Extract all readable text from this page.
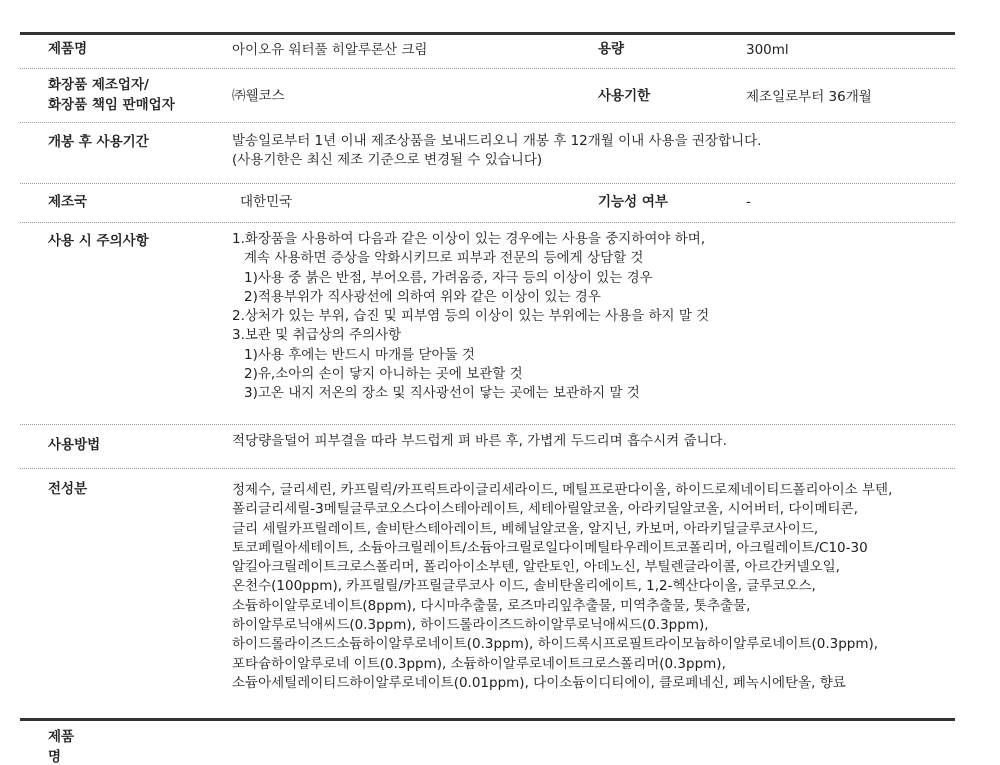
제품명	아이오유 워터풀 히알루론산 크림	용량	300ml
화장품 제조업자/
화장품 책임 판매업자
㈜웰코스	사용기한	제조일로부터 36개월
개봉 후 사용기간	발송일로부터 1년 이내 제조상품을 보내드리오니 개봉 후 12개월 이내 사용을 권장합니다.
(사용기한은 최신 제조 기준으로 변경될 수 있습니다)
제조국	대한민국	기능성 여부	-
사용 시 주의사항	1.화장품을 사용하여 다음과 같은 이상이 있는 경우에는 사용을 중지하여야 하며,
계속 사용하면 증상을 악화시키므로 피부과 전문의 등에게 상담할 것
1)사용 중 붉은 반점, 부어오름, 가려움증, 자극 등의 이상이 있는 경우
2)적용부위가 직사광선에 의하여 위와 같은 이상이 있는 경우
2.상처가 있는 부위, 습진 및 피부염 등의 이상이 있는 부위에는 사용을 하지 말 것
3.보관 및 취급상의 주의사항
1)사용 후에는 반드시 마개를 닫아둘 것
2)유,소아의 손이 닿지 아니하는 곳에 보관할 것
3)고온 내지 저온의 장소 및 직사광선이 닿는 곳에는 보관하지 말 것
사용방법	적당량을덜어 피부결을 따라 부드럽게 펴 바른 후, 가볍게 두드리며 흡수시켜 줍니다.
전성분	정제수, 글리세린, 카프릴릭/카프릭트라이글리세라이드, 메틸프로판다이올, 하이드로제네이티드폴리아이소 부텐,
폴리글리세릴-3메틸글루코오스다이스테아레이트, 세테아릴알코올, 아라키딜알코올, 시어버터, 다이메티콘,
글리 세릴카프릴레이트, 솔비탄스테아레이트, 베헤닐알코올, 알지닌, 카보머, 아라키딜글루코사이드,
토코페릴아세테이트, 소듐아크릴레이트/소듐아크릴로일다이메틸타우레이트코폴리머, 아크릴레이트/C10-30
알킬아크릴레이트크로스폴리머, 폴리아이소부텐, 알란토인, 아데노신, 부틸렌글라이콜, 아르간커넬오일,
온천수(100ppm), 카프릴릴/카프릴글루코사 이드, 솔비탄올리에이트, 1,2-헥산다이올, 글루코오스,
소듐하이알루로네이트(8ppm), 다시마추출물, 로즈마리잎추출물, 미역추출물, 톳추출물,
하이알루로닉애씨드(0.3ppm), 하이드롤라이즈드하이알루로닉애씨드(0.3ppm),
하이드롤라이즈드소듐하이알루로네이트(0.3ppm), 하이드록시프로필트라이모늄하이알루로네이트(0.3ppm),
포타슘하이알루로네 이트(0.3ppm), 소듐하이알루로네이트크로스폴리머(0.3ppm),
소듐아세틸레이티드하이알루로네이트(0.01ppm), 다이소듐이디티에이, 클로페네신, 페녹시에탄올, 향료
제품명
